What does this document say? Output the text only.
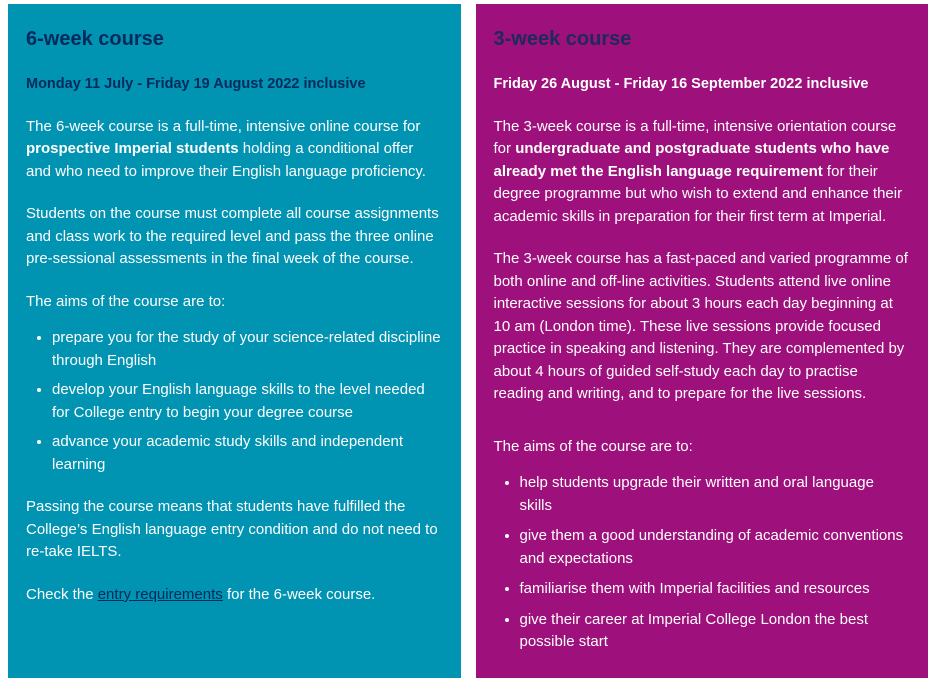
6-week course

Monday 11 July - Friday 19 August 2022 inclusive

The 6-week course is a full-time, intensive online course for prospective Imperial students holding a conditional offer and who need to improve their English language proficiency.

Students on the course must complete all course assignments and class work to the required level and pass the three online pre-sessional assessments in the final week of the course.

The aims of the course are to:

• prepare you for the study of your science-related discipline through English
• develop your English language skills to the level needed for College entry to begin your degree course
• advance your academic study skills and independent learning

Passing the course means that students have fulfilled the College’s English language entry condition and do not need to re-take IELTS.

Check the entry requirements for the 6-week course.

3-week course

Friday 26 August - Friday 16 September 2022 inclusive

The 3-week course is a full-time, intensive orientation course for undergraduate and postgraduate students who have already met the English language requirement for their degree programme but who wish to extend and enhance their academic skills in preparation for their first term at Imperial.

The 3-week course has a fast-paced and varied programme of both online and off-line activities. Students attend live online interactive sessions for about 3 hours each day beginning at 10 am (London time). These live sessions provide focused practice in speaking and listening. They are complemented by about 4 hours of guided self-study each day to practise reading and writing, and to prepare for the live sessions.

The aims of the course are to:

• help students upgrade their written and oral language skills
• give them a good understanding of academic conventions and expectations
• familiarise them with Imperial facilities and resources
• give their career at Imperial College London the best possible start
